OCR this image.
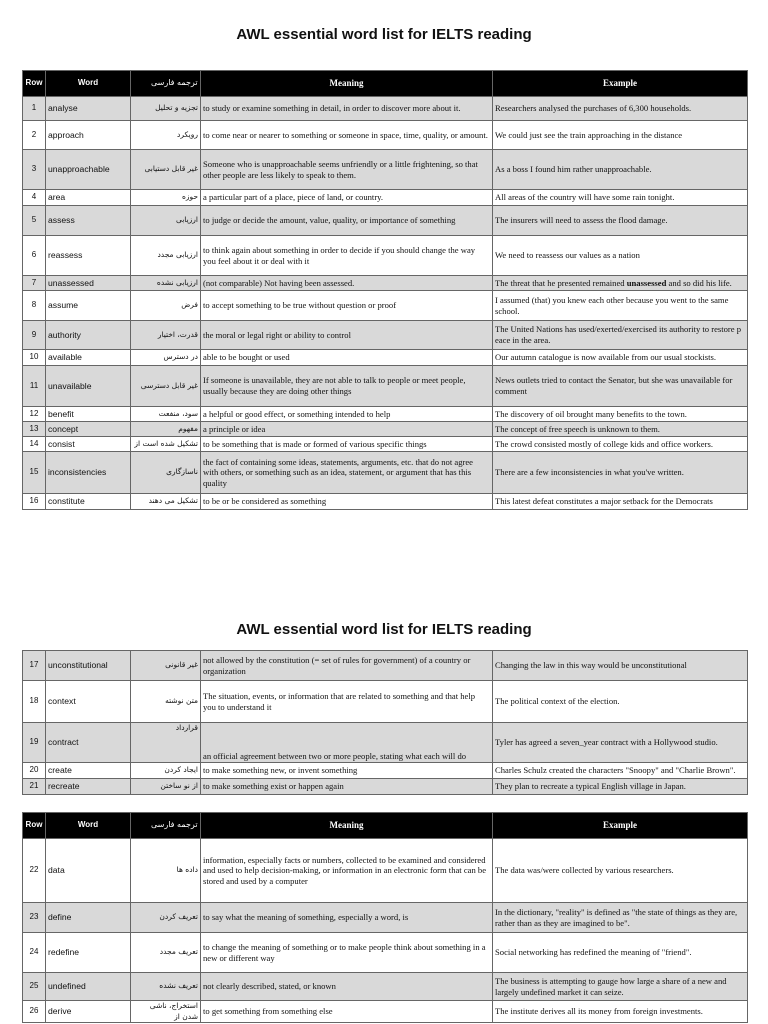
AWL essential word list for IELTS reading
Row	Word	ترجمه فارسی	Meaning	Example
1	analyse	تجزیه و تحلیل	to study or examine something in detail, in order to discover more about it.	Researchers analysed the purchases of 6,300 households.
2	approach	رویکرد	to come near or nearer to something or someone in space, time, quality, or amount.	We could just see the train approaching in the distance
3	unapproachable	غیر قابل دستیابی	Someone who is unapproachable seems unfriendly or a little frightening, so that other people are less likely to speak to them.	As a boss I found him rather unapproachable.
4	area	حوزه	a particular part of a place, piece of land, or country.	All areas of the country will have some rain tonight.
5	assess	ارزیابی	to judge or decide the amount, value, quality, or importance of something	The insurers will need to assess the flood damage.
6	reassess	ارزیابی مجدد	to think again about something in order to decide if you should change the way you feel about it or deal with it	We need to reassess our values as a nation
7	unassessed	ارزیابی نشده	(not comparable) Not having been assessed.	The threat that he presented remained unassessed and so did his life.
8	assume	فرض	to accept something to be true without question or proof	I assumed (that) you knew each other because you went to the same school.
9	authority	قدرت، اختیار	the moral or legal right or ability to control	The United Nations has used/exerted/exercised its authority to restore p eace in the area.
10	available	در دسترس	able to be bought or used	Our autumn catalogue is now available from our usual stockists.
11	unavailable	غیر قابل دسترسی	If someone is unavailable, they are not able to talk to people or meet people, usually because they are doing other things	News outlets tried to contact the Senator, but she was unavailable for comment
12	benefit	سود، منفعت	a helpful or good effect, or something intended to help	The discovery of oil brought many benefits to the town.
13	concept	مفهوم	a principle or idea	The concept of free speech is unknown to them.
14	consist	تشکیل شده است از	to be something that is made or formed of various specific things	The crowd consisted mostly of college kids and office workers.
15	inconsistencies	ناسازگاری	the fact of containing some ideas, statements, arguments, etc. that do not agree with others, or something such as an idea, statement, or argument that has this quality	There are a few inconsistencies in what you've written.
16	constitute	تشکیل می دهند	to be or be considered as something	This latest defeat constitutes a major setback for the Democrats
AWL essential word list for IELTS reading
17	unconstitutional	غیر قانونی	not allowed by the constitution (= set of rules for government) of a country or organization	Changing the law in this way would be unconstitutional
18	context	متن نوشته	The situation, events, or information that are related to something and that help you to understand it	The political context of the election.
19	contract	قرارداد	an official agreement between two or more people, stating what each will do	Tyler has agreed a seven_year contract with a Hollywood studio.
20	create	ایجاد کردن	to make something new, or invent something	Charles Schulz created the characters "Snoopy" and "Charlie Brown".
21	recreate	از نو ساختن	to make something exist or happen again	They plan to recreate a typical English village in Japan.
Row	Word	ترجمه فارسی	Meaning	Example
22	data	داده ها	information, especially facts or numbers, collected to be examined and considered and used to help decision-making, or information in an electronic form that can be stored and used by a computer	The data was/were collected by various researchers.
23	define	تعریف کردن	to say what the meaning of something, especially a word, is	In the dictionary, "reality" is defined as "the state of things as they are, rather than as they are imagined to be".
24	redefine	تعریف مجدد	to change the meaning of something or to make people think about something in a new or different way	Social networking has redefined the meaning of "friend".
25	undefined	تعریف نشده	not clearly described, stated, or known	The business is attempting to gauge how large a share of a new and largely undefined market it can seize.
26	derive	استخراج، ناشی شدن از	to get something from something else	The institute derives all its money from foreign investments.
